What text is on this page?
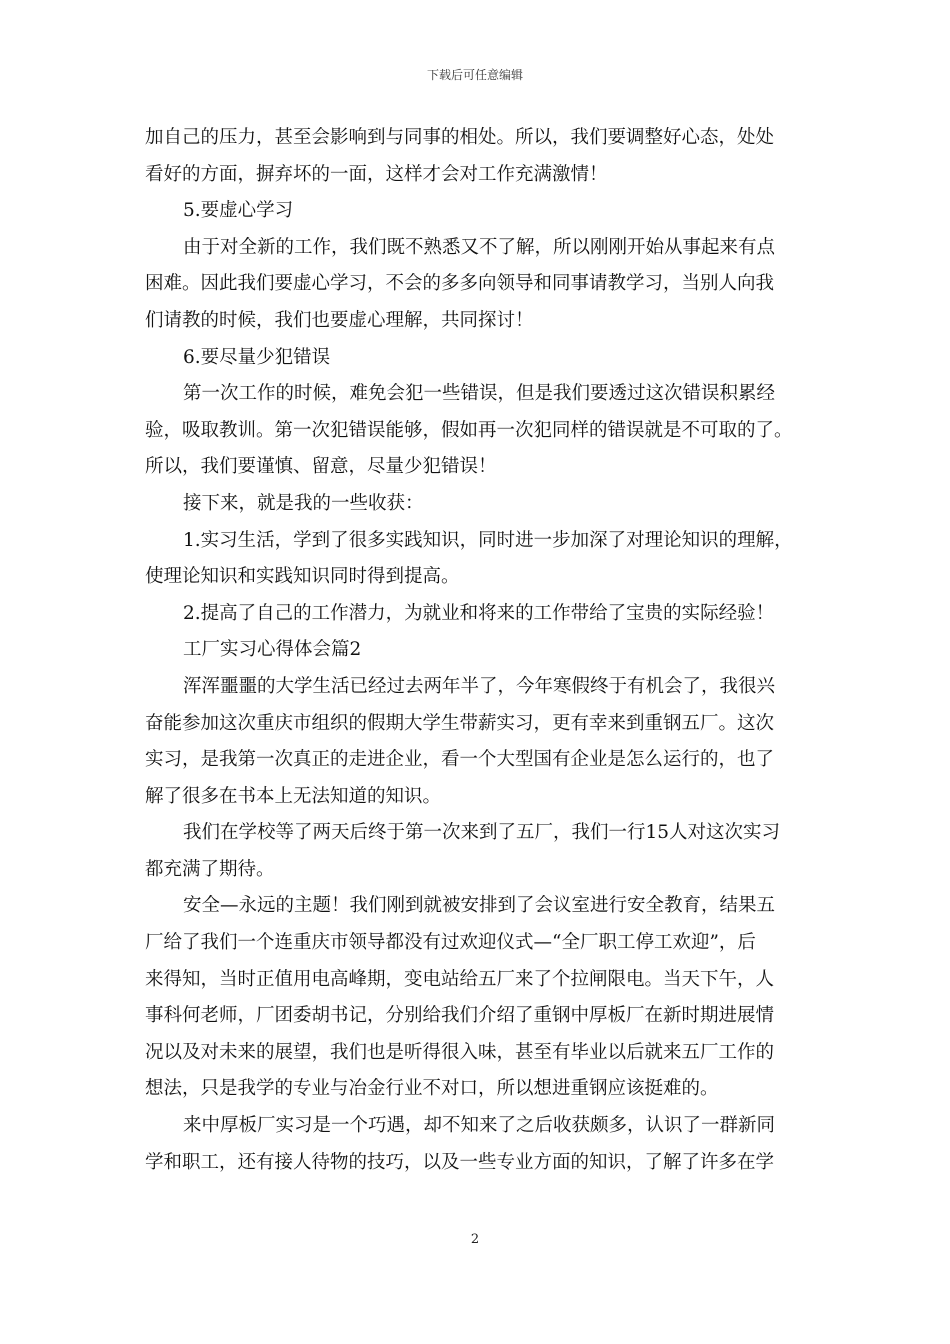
下载后可任意编辑
加自己的压力，甚至会影响到与同事的相处。所以，我们要调整好心态，处处
看好的方面，摒弃坏的一面，这样才会对工作充满激情！
5.要虚心学习
由于对全新的工作，我们既不熟悉又不了解，所以刚刚开始从事起来有点
困难。因此我们要虚心学习，不会的多多向领导和同事请教学习，当别人向我
们请教的时候，我们也要虚心理解，共同探讨！
6.要尽量少犯错误
第一次工作的时候，难免会犯一些错误，但是我们要透过这次错误积累经
验，吸取教训。第一次犯错误能够，假如再一次犯同样的错误就是不可取的了。
所以，我们要谨慎、留意，尽量少犯错误！
接下来，就是我的一些收获：
1.实习生活，学到了很多实践知识，同时进一步加深了对理论知识的理解，
使理论知识和实践知识同时得到提高。
2.提高了自己的工作潜力，为就业和将来的工作带给了宝贵的实际经验！
工厂实习心得体会篇2
浑浑噩噩的大学生活已经过去两年半了，今年寒假终于有机会了，我很兴
奋能参加这次重庆市组织的假期大学生带薪实习，更有幸来到重钢五厂。这次
实习，是我第一次真正的走进企业，看一个大型国有企业是怎么运行的，也了
解了很多在书本上无法知道的知识。
我们在学校等了两天后终于第一次来到了五厂，我们一行15人对这次实习
都充满了期待。
安全—永远的主题！我们刚到就被安排到了会议室进行安全教育，结果五
厂给了我们一个连重庆市领导都没有过欢迎仪式—“全厂职工停工欢迎”，后
来得知，当时正值用电高峰期，变电站给五厂来了个拉闸限电。当天下午，人
事科何老师，厂团委胡书记，分别给我们介绍了重钢中厚板厂在新时期进展情
况以及对未来的展望，我们也是听得很入味，甚至有毕业以后就来五厂工作的
想法，只是我学的专业与冶金行业不对口，所以想进重钢应该挺难的。
来中厚板厂实习是一个巧遇，却不知来了之后收获颇多，认识了一群新同
学和职工，还有接人待物的技巧，以及一些专业方面的知识，了解了许多在学
2
